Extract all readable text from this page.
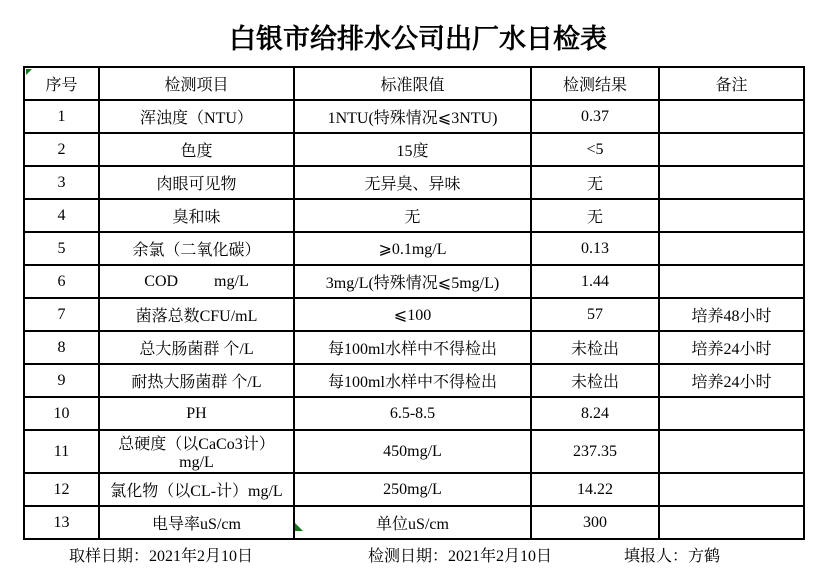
白银市给排水公司出厂水日检表
序号	检测项目	标准限值	检测结果	备注
1	浑浊度（NTU）	1NTU(特殊情况⩽3NTU)	0.37	
2	色度	15度	<5	
3	肉眼可见物	无异臭、异味	无	
4	臭和味	无	无	
5	余氯（二氧化碳）	⩾0.1mg/L	0.13	
6	COD         mg/L	3mg/L(特殊情况⩽5mg/L)	1.44	
7	菌落总数CFU/mL	⩽100	57	培养48小时
8	总大肠菌群 个/L	每100ml水样中不得检出	未检出	培养24小时
9	耐热大肠菌群 个/L	每100ml水样中不得检出	未检出	培养24小时
10	PH	6.5-8.5	8.24	
11	总硬度（以CaCo3计）mg/L	450mg/L	237.35	
12	氯化物（以CL-计）mg/L	250mg/L	14.22	
13	电导率uS/cm	单位uS/cm	300	
取样日期：2021年2月10日	检测日期：2021年2月10日	填报人：方鹤
